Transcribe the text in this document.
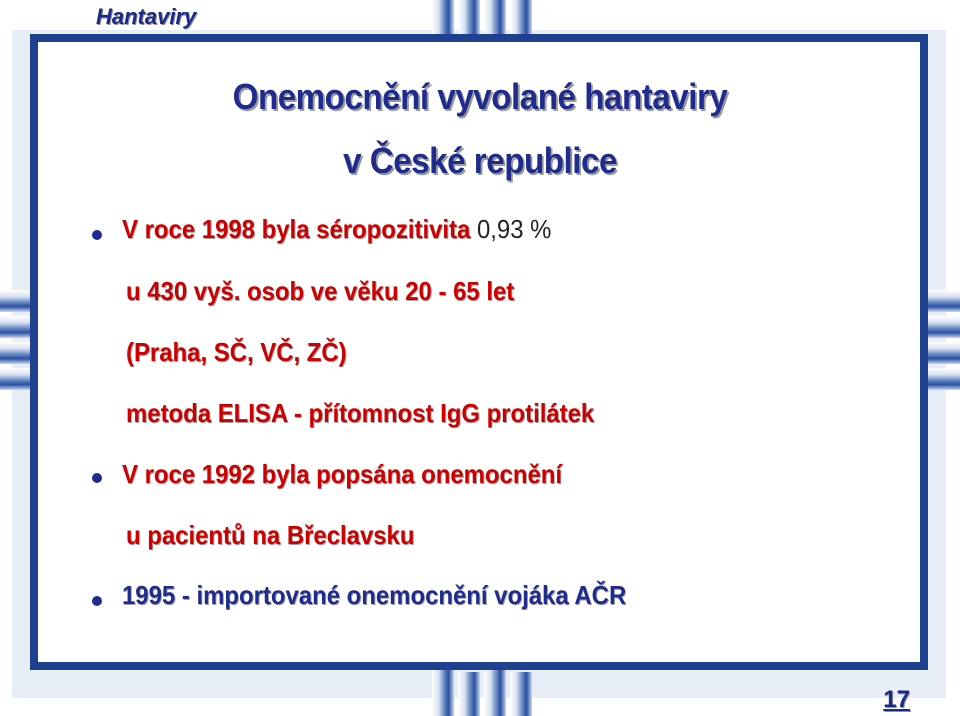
Hantaviry
Onemocnění vyvolané hantaviry
v České republice
V roce 1998 byla séropozitivita 0,93 %
u 430 vyš. osob ve věku 20 - 65 let
(Praha, SČ, VČ, ZČ)
metoda ELISA - přítomnost IgG protilátek
V roce 1992 byla popsána onemocnění
u pacientů na Břeclavsku
1995 - importované onemocnění vojáka AČR
17
